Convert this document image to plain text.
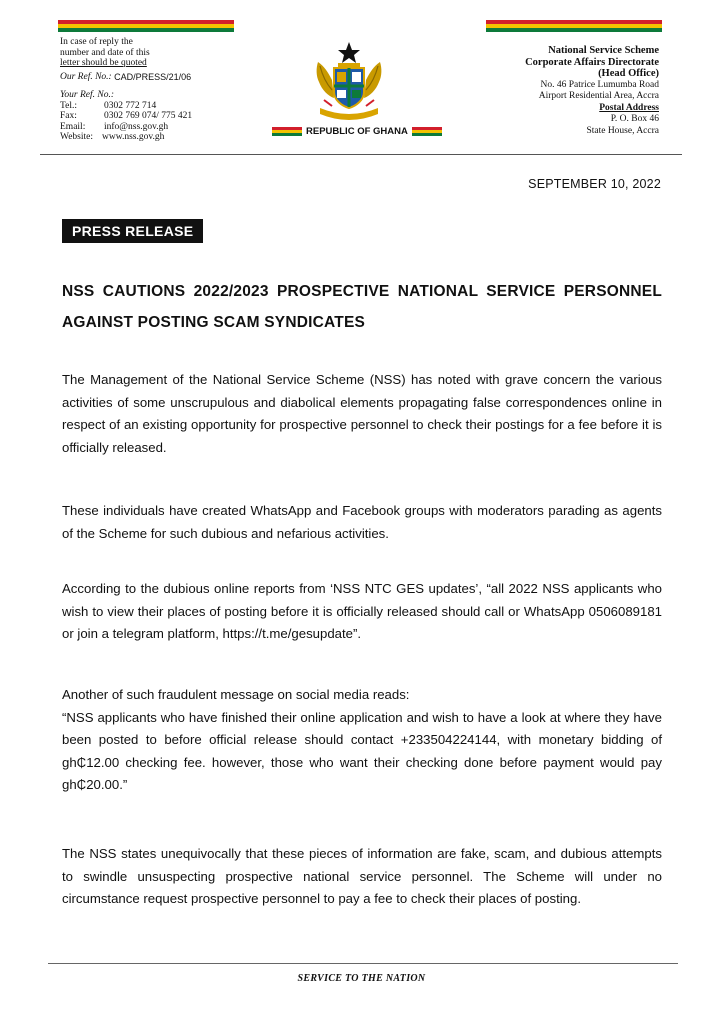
In case of reply the
number and date of this
letter should be quoted
Our Ref. No.:
CAD/PRESS/21/06
Your Ref. No.:
Tel.:	0302 772 714
Fax:	0302 769 074/ 775 421
Email:	info@nss.gov.gh
Website: www.nss.gov.gh
REPUBLIC OF GHANA
National Service Scheme
Corporate Affairs Directorate
(Head Office)
No. 46 Patrice Lumumba Road
Airport Residential Area, Accra
Postal Address
P. O. Box 46
State House, Accra
SEPTEMBER 10, 2022
PRESS RELEASE
NSS CAUTIONS 2022/2023 PROSPECTIVE NATIONAL SERVICE PERSONNEL AGAINST POSTING SCAM SYNDICATES

The Management of the National Service Scheme (NSS) has noted with grave concern the various activities of some unscrupulous and diabolical elements propagating false correspondences online in respect of an existing opportunity for prospective personnel to check their postings for a fee before it is officially released.

These individuals have created WhatsApp and Facebook groups with moderators parading as agents of the Scheme for such dubious and nefarious activities.

According to the dubious online reports from ‘NSS NTC GES updates’, “all 2022 NSS applicants who wish to view their places of posting before it is officially released should call or WhatsApp 0506089181 or join a telegram platform, https://t.me/gesupdate”.

Another of such fraudulent message on social media reads:
“NSS applicants who have finished their online application and wish to have a look at where they have been posted to before official release should contact +233504224144, with monetary bidding of gh₵12.00 checking fee. however, those who want their checking done before payment would pay gh₵20.00.”

The NSS states unequivocally that these pieces of information are fake, scam, and dubious attempts to swindle unsuspecting prospective national service personnel. The Scheme will under no circumstance request prospective personnel to pay a fee to check their places of posting.

SERVICE TO THE NATION
